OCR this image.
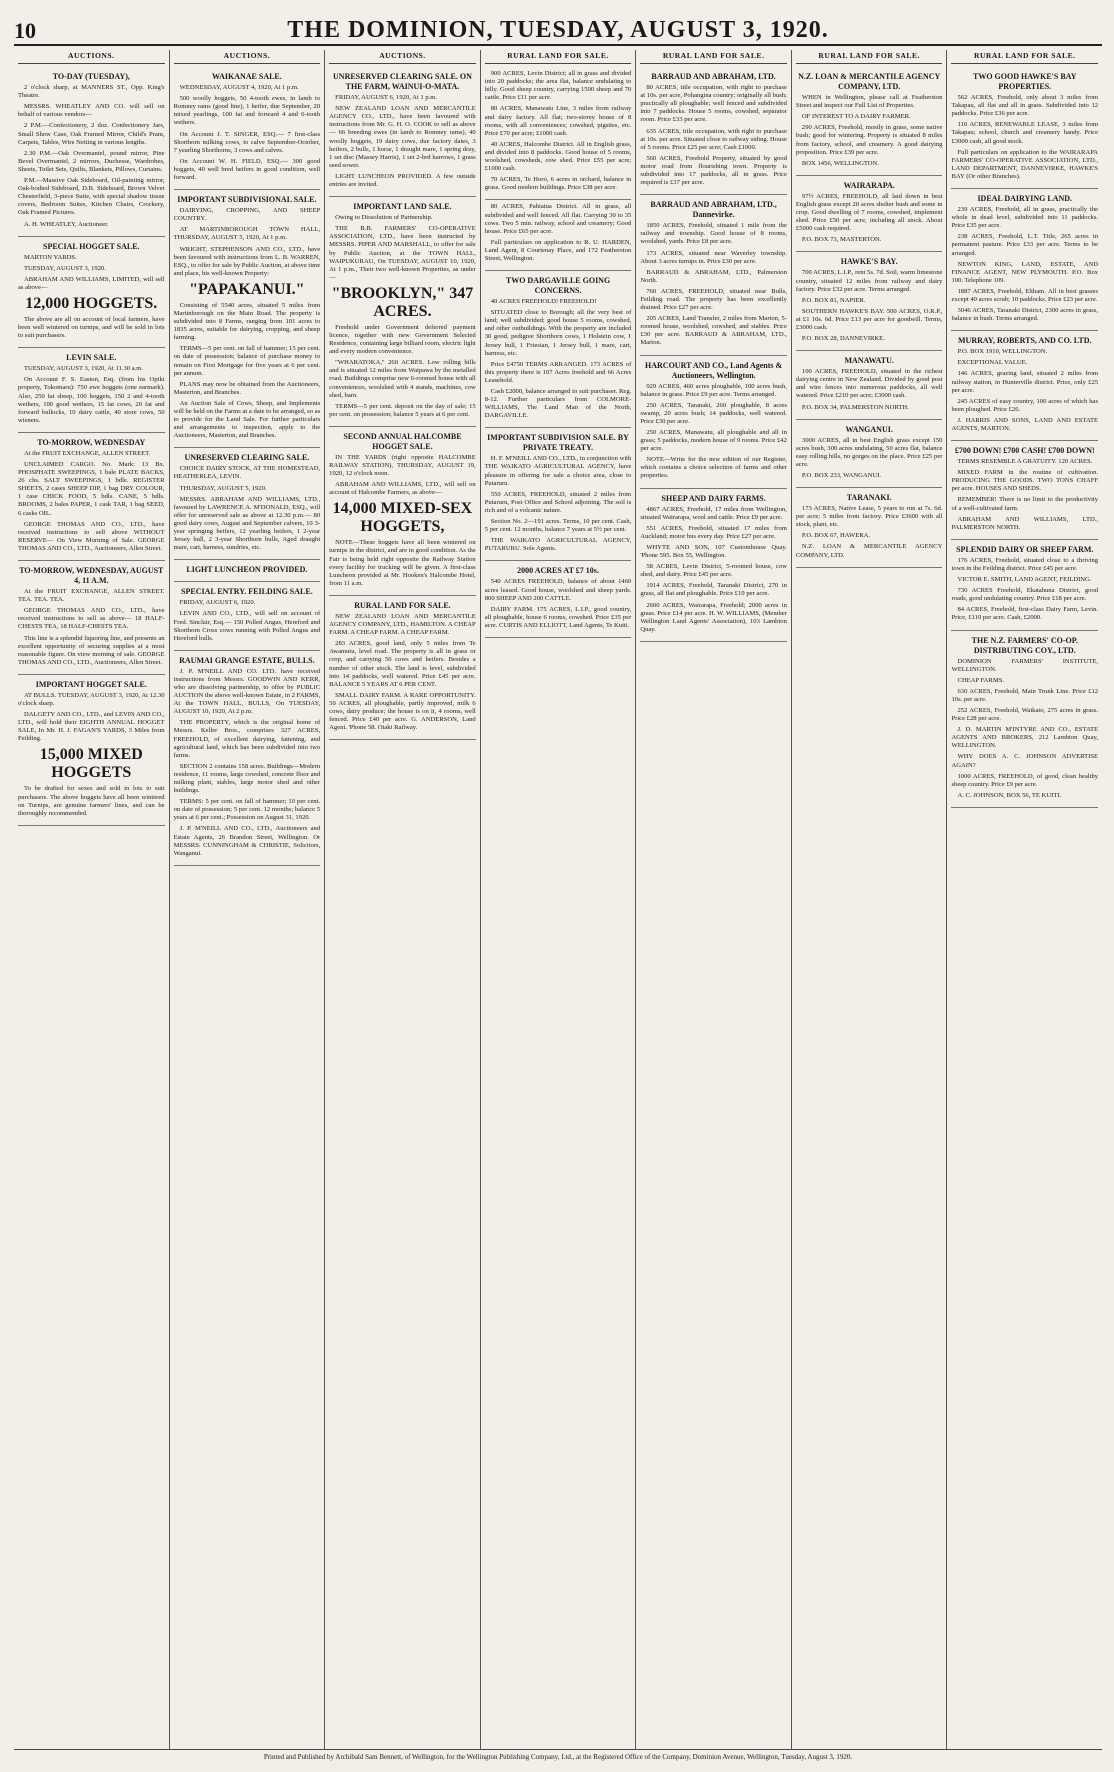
10	THE DOMINION, TUESDAY, AUGUST 3, 1920.
AUCTIONS.
TO-DAY (TUESDAY),

2 o'clock sharp, at MANNERS ST., Opp. King's Theatre.

MESSRS. WHEATLEY AND CO. will sell on behalf of various vendors—

2 P.M.—Confectionery, 2 doz. Confectionery Jars, Small Show Case, Oak Framed Mirror, Child's Pram, Carpets, Tables, Wire Netting in various lengths.

2.30 P.M.—Oak Overmantel, pound mirror, Pine Bevel Overmantel, 2 mirrors, Duchesse, Wardrobes, Sheets, Toilet Sets, Quilts, Blankets, Pillows, Curtains.

P.M.—Massive Oak Sideboard, Oil-painting mirror, Oak-bodied Sideboard, D.B. Sideboard, Brown Velvet Chesterfield, 3-piece Suite, with special shadow tissue covers, Bedroom Suites, Kitchen Chairs, Crockery, Oak Framed Pictures.

A. H. WHEATLEY, Auctioneer.

SPECIAL HOGGET SALE.

MARTON YARDS.

TUESDAY, AUGUST 3, 1920.

ABRAHAM AND WILLIAMS, LIMITED, will sell as above—

12,000 HOGGETS.

The above are all on account of local farmers, have been well wintered on turnips, and will be sold in lots to suit purchasers.

LEVIN SALE.

TUESDAY, AUGUST 3, 1920, At 11.30 a.m.

On Account F. S. Easton, Esq. (from his Opiki property, Tokomaru): 750 ewe hoggets (one earmark). Also, 250 fat sheep, 100 hoggets, 150 2 and 4-tooth wethers, 100 good wethers, 15 fat cows, 20 fat and forward bullocks, 10 dairy cattle, 40 store cows, 50 wieners.

TO-MORROW, WEDNESDAY

At the FRUIT EXCHANGE, ALLEN STREET.

UNCLAIMED CARGO. No. Mark: 13 Bx. PHOSPHATE SWEEPINGS, 1 bale PLATE BACKS, 26 chs. SALT SWEEPINGS, 1 bdle. REGISTER SHEETS, 2 cases SHEEP DIP, 1 bag DRY COLOUR, 1 case CHICK FOOD, 5 bdls. CANE, 5 bdls. BROOMS, 2 bales PAPER, 1 cask TAR, 1 bag SEED, 6 casks OIL.

GEORGE THOMAS AND CO., LTD., have received instructions to sell above WITHOUT RESERVE— On View Morning of Sale. GEORGE THOMAS AND CO., LTD., Auctioneers, Allen Street.

TO-MORROW, WEDNESDAY, AUGUST 4, 11 A.M.

At the FRUIT EXCHANGE, ALLEN STREET. TEA. TEA. TEA.

GEORGE THOMAS AND CO., LTD., have received instructions to sell as above— 18 HALF-CHESTS TEA, 18 HALF-CHESTS TEA.

This line is a splendid liquoring line, and presents an excellent opportunity of securing supplies at a most reasonable figure. On view morning of sale. GEORGE THOMAS AND CO., LTD., Auctioneers, Allen Street.

IMPORTANT HOGGET SALE.

AT BULLS. TUESDAY, AUGUST 3, 1920, At 12.30 o'clock sharp.

DALGETY AND CO., LTD., and LEVIN AND CO., LTD., will hold their EIGHTH ANNUAL HOGGET SALE, In Mr. H. J. FAGAN'S YARDS, 3 Miles from Feilding.

15,000 MIXED HOGGETS

To be drafted for sexes and sold in lots to suit purchasers. The above hoggets have all been wintered on Turnips, are genuine farmers' lines, and can be thoroughly recommended.

AUCTIONS.
WAIKANAE SALE.

WEDNESDAY, AUGUST 4, 1920, At 1 p.m.

500 woolly hoggets, 50 4-tooth ewes, in lamb to Romney rams (good line), 1 heifer, due September, 20 mixed yearlings, 100 fat and forward 4 and 6-tooth wethers.

On Account J. T. SINGER, ESQ.— 7 first-class Shorthorn milking cows, to calve September-October, 7 yearling Shorthorns, 3 cows and calves.

On Account W. H. FIELD, ESQ.— 300 good hoggets, 40 well bred heifers in good condition, well forward.

IMPORTANT SUBDIVISIONAL SALE.

DAIRYING, CROPPING, AND SHEEP COUNTRY.

AT MARTINBOROUGH TOWN HALL, THURSDAY, AUGUST 5, 1920, At 1 p.m.

WRIGHT, STEPHENSON AND CO., LTD., have been favoured with instructions from L. B. WARREN, ESQ., to offer for sale by Public Auction, at above time and place, his well-known Property:

"PAPAKANUI."

Consisting of 5540 acres, situated 5 miles from Martinborough on the Main Road. The property is subdivided into 8 Farms, ranging from 101 acres to 1835 acres, suitable for dairying, cropping, and sheep farming.

TERMS—5 per cent. on fall of hammer; 15 per cent. on date of possession; balance of purchase money to remain on First Mortgage for five years at 6 per cent. per annum.

PLANS may now be obtained from the Auctioneers, Masterton, and Branches.

An Auction Sale of Cows, Sheep, and Implements will be held on the Farms at a date to be arranged, so as to provide for the Land Sale. For further particulars and arrangements to inspection, apply to the Auctioneers, Masterton, and Branches.

UNRESERVED CLEARING SALE.

CHOICE DAIRY STOCK, AT THE HOMESTEAD, HEATHERLEA, LEVIN.

THURSDAY, AUGUST 5, 1920.

MESSRS. ABRAHAM AND WILLIAMS, LTD., favoured by LAWRENCE A. M'DONALD, ESQ., will offer for unreserved sale as above at 12.30 p.m.— 80 good dairy cows, August and September calvers, 10 3-year springing heifers, 12 yearling heifers, 1 2-year Jersey bull, 2 3-year Shorthorn bulls, Aged draught mare, cart, harness, sundries, etc.

LIGHT LUNCHEON PROVIDED.
SPECIAL ENTRY. FEILDING SALE.

FRIDAY, AUGUST 6, 1920.

LEVIN AND CO., LTD., will sell on account of Fred. Sinclair, Esq.— 150 Polled Angus, Hereford and Shorthorn Cross cows running with Polled Angus and Hereford bulls.

RAUMAI GRANGE ESTATE, BULLS.

J. P. M'NEILL AND CO. LTD. have received instructions from Messrs. GOODWIN AND KERR, who are dissolving partnership, to offer by PUBLIC AUCTION the above well-known Estate, in 2 FARMS, At the TOWN HALL, BULLS, On TUESDAY, AUGUST 10, 1920, At 2 p.m.

THE PROPERTY, which is the original home of Messrs. Keller Bros., comprises 327 ACRES, FREEHOLD, of excellent dairying, fattening, and agricultural land, which has been subdivided into two farms.

SECTION 2 contains 158 acres. Buildings—Modern residence, 11 rooms, large cowshed, concrete floor and milking plant, stables, large motor shed and other buildings.

TERMS: 5 per cent. on fall of hammer; 10 per cent. on date of possession; 5 per cent. 12 months; balance 5 years at 6 per cent.; Possession on August 31, 1920.

J. P. M'NEILL AND CO., LTD., Auctioneers and Estate Agents, 26 Brandon Street, Wellington. Or MESSRS. CUNNINGHAM & CHRISTIE, Solicitors, Wanganui.

AUCTIONS.
UNRESERVED CLEARING SALE. ON THE FARM, WAINUI-O-MATA.

FRIDAY, AUGUST 6, 1920, At 1 p.m.

NEW ZEALAND LOAN AND MERCANTILE AGENCY CO., LTD., have been favoured with instructions from Mr. G. H. O. COOK to sell as above— 66 breeding ewes (in lamb to Romney rams), 40 woolly hoggets, 19 dairy cows, due factory dates, 3 heifers, 2 bulls, 1 horse, 1 draught mare, 1 spring dray, 1 set disc (Massey Harris), 1 set 2-brd harrows, 1 grass seed sower.

LIGHT LUNCHEON PROVIDED. A few outside entries are invited.

IMPORTANT LAND SALE.

Owing to Dissolution of Partnership.

THE B.B. FARMERS' CO-OPERATIVE ASSOCIATION, LTD., have been instructed by MESSRS. PIPER AND MARSHALL, to offer for sale by Public Auction, at the TOWN HALL, WAIPUKURAU, On TUESDAY, AUGUST 10, 1920, At 1 p.m., Their two well-known Properties, as under—

"BROOKLYN," 347 ACRES.

Freehold under Government deferred payment licence, together with new Government Selected Residence, containing large billiard room, electric light and every modern convenience.

"WHARATOKA," 260 ACRES. Low rolling hills and is situated 12 miles from Waipawa by the metalled road. Buildings comprise new 6-roomed house with all conveniences, woolshed with 4 stands, machines, cow shed, barn.

TERMS—5 per cent. deposit on the day of sale; 15 per cent. on possession; balance 5 years at 6 per cent.

SECOND ANNUAL HALCOMBE HOGGET SALE.

IN THE YARDS (right opposite HALCOMBE RAILWAY STATION), THURSDAY, AUGUST 19, 1920, 12 o'clock noon.

ABRAHAM AND WILLIAMS, LTD., will sell on account of Halcombe Farmers, as above—

14,000 MIXED-SEX HOGGETS,

NOTE—These hoggets have all been wintered on turnips in the district, and are in good condition. As the Fair is being held right opposite the Railway Station every facility for trucking will be given. A first-class Luncheon provided at Mr. Hooken's Halcombe Hotel, from 11 a.m.

RURAL LAND FOR SALE.

NEW ZEALAND LOAN AND MERCANTILE AGENCY COMPANY, LTD., HAMILTON. A CHEAP FARM. A CHEAP FARM. A CHEAP FARM.

283 ACRES, good land, only 5 miles from Te Awamutu, level road. The property is all in grass or crop, and carrying 50 cows and heifers. Besides a number of other stock. The land is level, subdivided into 14 paddocks, well watered. Price £45 per acre. BALANCE 5 YEARS AT 6 PER CENT.

SMALL DAIRY FARM. A RARE OPPORTUNITY. 50 ACRES, all ploughable, partly improved, milk 6 cows, dairy produce; the house is on it, 4 rooms, well fenced. Price £40 per acre. G. ANDERSON, Land Agent. 'Phone 58. Otaki Railway.

RURAL LAND FOR SALE.

900 ACRES, Levin District; all in grass and divided into 20 paddocks; the area flat, balance undulating to hilly. Good sheep country, carrying 1500 sheep and 70 cattle. Price £11 per acre.

80 ACRES, Manawatu Line, 3 miles from railway and dairy factory. All flat; two-storey house of 8 rooms, with all conveniences; cowshed, pigsties, etc. Price £70 per acre; £1000 cash.

40 ACRES, Halcombe District. All in English grass, and divided into 8 paddocks. Good house of 5 rooms, woolshed, cowsheds, cow shed. Price £55 per acre; £1000 cash.

70 ACRES, Te Horo, 6 acres in orchard, balance in grass. Good modern buildings. Price £38 per acre.

80 ACRES, Pahiatua District. All in grass, all subdivided and well fenced. All flat. Carrying 30 to 35 cows. Two 5 min. railway, school and creamery; Good house. Price £65 per acre.

Full particulars on application to R. U. HARDEN, Land Agent, 8 Courtenay Place, and 172 Featherston Street, Wellington.

TWO DARGAVILLE GOING CONCERNS.

40 ACRES FREEHOLD! FREEHOLD!

SITUATED close to Borough; all the very best of land; well subdivided; good house 5 rooms, cowshed, and other outbuildings. With the property are included 30 good, pedigree Shorthorn cows, 1 Holstein cow, 1 Jersey bull, 1 Friesian, 1 Jersey bull, 1 mare, cart, harness, etc.

Price £4750 TERMS ARRANGED. 173 ACRES of this property there is 107 Acres freehold and 66 Acres Leasehold.

Cash £2000, balance arranged to suit purchaser. Reg. 8-12. Further particulars from COLMORE-WILLIAMS, The Land Man of the North, DARGAVILLE.

IMPORTANT SUBDIVISION SALE. BY PRIVATE TREATY.

H. F. M'NEILL AND CO., LTD., in conjunction with THE WAIKATO AGRICULTURAL AGENCY, have pleasure in offering for sale a choice area, close to Putaruru.

550 ACRES, FREEHOLD, situated 2 miles from Putaruru, Post Office and School adjoining. The soil is rich and of a volcanic nature.

Section No. 2—191 acres. Terms, 10 per cent. Cash, 5 per cent. 12 months, balance 7 years at 5½ per cent.

THE WAIKATO AGRICULTURAL AGENCY, PUTARURU. Sole Agents.

2000 ACRES AT £7 10s.

540 ACRES FREEHOLD, balance of about 1460 acres leased. Good house, woolshed and sheep yards. 800 SHEEP AND 200 CATTLE.

DAIRY FARM. 175 ACRES, L.I.P., good country, all ploughable, house 6 rooms, cowshed. Price £35 per acre. CURTIS AND ELLIOTT, Land Agents, Te Kuiti.

RURAL LAND FOR SALE.
BARRAUD AND ABRAHAM, LTD.

80 ACRES, title occupation, with right to purchase at 10s. per acre, Pohangina country; originally all bush; practically all ploughable; well fenced and subdivided into 7 paddocks. House 5 rooms, cowshed, separator room. Price £33 per acre.

635 ACRES, title occupation, with right to purchase at 10s. per acre. Situated close to railway siding. House of 5 rooms. Price £25 per acre; Cash £1000.

560 ACRES, Freehold Property, situated by good motor road from flourishing town. Property is subdivided into 17 paddocks, all in grass. Price required is £37 per acre.

BARRAUD AND ABRAHAM, LTD., Dannevirke.

1850 ACRES, Freehold, situated 1 mile from the railway and township. Good house of 8 rooms, woolshed, yards. Price £8 per acre.

173 ACRES, situated near Waverley township. About 3 acres turnips in. Price £30 per acre.

BARRAUD & ABRAHAM, LTD., Palmerston North.

760 ACRES, FREEHOLD, situated near Bulls, Feilding road. The property has been excellently drained. Price £27 per acre.

205 ACRES, Land Transfer, 2 miles from Marton, 5-roomed house, woolshed, cowshed, and stables. Price £30 per acre. BARRAUD & ABRAHAM, LTD., Marton.

HARCOURT AND CO., Land Agents & Auctioneers, Wellington.

929 ACRES, 460 acres ploughable, 100 acres bush, balance in grass. Price £9 per acre. Terms arranged.

250 ACRES, Taranaki, 260 ploughable, 8 acres swamp, 20 acres bush; 14 paddocks, well watered. Price £30 per acre.

250 ACRES, Manawatu, all ploughable and all in grass; 5 paddocks, modern house of 9 rooms. Price £42 per acre.

NOTE—Write for the new edition of our Register, which contains a choice selection of farms and other properties.

SHEEP AND DAIRY FARMS.

4867 ACRES, Freehold, 17 miles from Wellington, situated Wairarapa, wool and cattle. Price £9 per acre.

551 ACRES, Freehold, situated 17 miles from Auckland; motor bus every day. Price £27 per acre.

WHYTE AND SON, 107 Customhouse Quay. 'Phone 595. Box 55, Wellington.

58 ACRES, Levin District, 5-roomed house, cow shed, and dairy. Price £45 per acre.

1914 ACRES, Freehold, Taranaki District, 270 in grass, all flat and ploughable. Price £19 per acre.

2600 ACRES, Wairarapa, Freehold; 2000 acres in grass. Price £14 per acre. H. W. WILLIAMS, (Member Wellington Land Agents' Association), 103 Lambton Quay.

RURAL LAND FOR SALE.
N.Z. LOAN & MERCANTILE AGENCY COMPANY, LTD.

WHEN in Wellington, please call at Featherston Street and inspect our Full List of Properties.

OF INTEREST TO A DAIRY FARMER.

290 ACRES, Freehold, mostly in grass, some native bush; good for wintering. Property is situated 8 miles from factory, school, and creamery. A good dairying proposition. Price £39 per acre.

BOX 1456, WELLINGTON.

WAIRARAPA.

97½ ACRES, FREEHOLD, all laid down in best English grass except 20 acres shelter bush and some in crop. Good dwelling of 7 rooms, cowshed, implement shed. Price £50 per acre, including all stock. About £5000 cash required.

P.O. BOX 73, MASTERTON.

HAWKE'S BAY.

700 ACRES, L.I.P., rent 5s. 7d. Soil, warm limestone country, situated 12 miles from railway and dairy factory. Price £32 per acre. Terms arranged.

P.O. BOX 81, NAPIER.

SOUTHERN HAWKE'S BAY. 500 ACRES, O.R.P., at £1 10s. 6d. Price £13 per acre for goodwill. Terms, £3000 cash.

P.O. BOX 28, DANNEVIRKE.

MANAWATU.

100 ACRES, FREEHOLD, situated in the richest dairying centre in New Zealand. Divided by good post and wire fences into numerous paddocks, all well watered. Price £210 per acre; £3000 cash.

P.O. BOX 34, PALMERSTON NORTH.

WANGANUI.

3000 ACRES, all in best English grass except 150 acres bush, 300 acres undulating, 50 acres flat, balance easy rolling hills, no gorges on the place. Price £25 per acre.

P.O. BOX 233, WANGANUI.

TARANAKI.

173 ACRES, Native Lease, 5 years to run at 7s. 6d. per acre; 5 miles from factory. Price £3600 with all stock, plant, etc.

P.O. BOX 67, HAWERA.

N.Z. LOAN & MERCANTILE AGENCY COMPANY, LTD.

RURAL LAND FOR SALE.
TWO GOOD HAWKE'S BAY PROPERTIES.

562 ACRES, Freehold, only about 3 miles from Takapau, all flat and all in grass. Subdivided into 12 paddocks. Price £36 per acre.

110 ACRES, RENEWABLE LEASE, 3 miles from Takapau; school, church and creamery handy. Price £3000 cash, all good stock.

Full particulars on application to the WAIRARAPA FARMERS' CO-OPERATIVE ASSOCIATION, LTD., LAND DEPARTMENT, DANNEVIRKE, HAWKE'S BAY (Or other Branches).

IDEAL DAIRYING LAND.

239 ACRES, Freehold, all in grass, practically the whole in dead level, subdivided into 11 paddocks. Price £35 per acre.

238 ACRES, Freehold, L.T. Title, 265 acres in permanent pasture. Price £33 per acre. Terms to be arranged.

NEWTON KING, LAND, ESTATE, AND FINANCE AGENT, NEW PLYMOUTH. P.O. Box 100. Telephone 109.

1887 ACRES, Freehold, Eltham. All in best grasses except 40 acres scrub; 10 paddocks. Price £23 per acre.

3046 ACRES, Taranaki District, 2300 acres in grass, balance in bush. Terms arranged.

MURRAY, ROBERTS, AND CO. LTD.

P.O. BOX 1910, WELLINGTON.

EXCEPTIONAL VALUE.

146 ACRES, grazing land, situated 2 miles from railway station, in Hunterville district. Price, only £25 per acre.

245 ACRES of easy country, 100 acres of which has been ploughed. Price £26.

J. HARRIS AND SONS, LAND AND ESTATE AGENTS, MARTON.

£700 DOWN! £700 CASH! £700 DOWN!

TERMS RESEMBLE A GRATUITY. 120 ACRES.

MIXED FARM in the routine of cultivation. PRODUCING THE GOODS. TWO TONS CHAFF per acre. HOUSES AND SHEDS.

REMEMBER! There is no limit to the productivity of a well-cultivated farm.

ABRAHAM AND WILLIAMS, LTD., PALMERSTON NORTH.

SPLENDID DAIRY OR SHEEP FARM.

176 ACRES, Freehold, situated close to a thriving town in the Feilding district. Price £45 per acre.

VICTOR E. SMITH, LAND AGENT, FEILDING.

730 ACRES Freehold, Ekatahuna District, good roads, good undulating country. Price £18 per acre.

84 ACRES, Freehold, first-class Dairy Farm, Levin. Price, £110 per acre. Cash, £2000.

THE N.Z. FARMERS' CO-OP. DISTRIBUTING COY., LTD.

DOMINION FARMERS' INSTITUTE, WELLINGTON.

CHEAP FARMS.

630 ACRES, Freehold, Main Trunk Line. Price £12 10s. per acre.

252 ACRES, Freehold, Waikato, 275 acres in grass. Price £28 per acre.

J. D. MARTIN M'INTYRE AND CO., ESTATE AGENTS AND BROKERS, 212 Lambton Quay, WELLINGTON.

WHY DOES A. C. JOHNSON ADVERTISE AGAIN?

1000 ACRES, FREEHOLD, of good, clean healthy sheep country. Price £9 per acre.

A. C. JOHNSON, BOX 56, TE KUITI.

Printed and Published by Archibald Sam Bennett, of Wellington, for the Wellington Publishing Company, Ltd., at the Registered Office of the Company, Dominion Avenue, Wellington, Tuesday, August 3, 1920.
